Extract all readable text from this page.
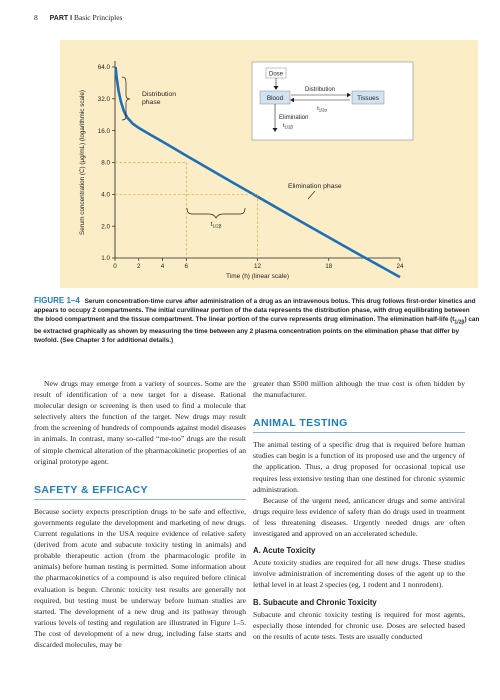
8 PART I Basic Principles
1.0
2.0
4.0
8.0
16.0
32.0
64.0
0	2	4	6	12	18	24
Serum concentration (C) (μg/mL) (logarithmic scale)
Time (h) (linear scale)
Distribution
phase
Elimination phase
$t_{1/2\beta}$
Dose
Blood	Tissues
Distribution
$t_{1/2\alpha}$
Elimination
$t_{1/2\beta}$
FIGURE 1–4 Serum concentration-time curve after administration of a drug as an intravenous bolus. This drug follows first-order kinetics and appears to occupy 2 compartments. The initial curvilinear portion of the data represents the distribution phase, with drug equilibrating between the blood compartment and the tissue compartment. The linear portion of the curve represents drug elimination. The elimination half-life $(t_{1/2\beta})$ can be extracted graphically as shown by measuring the time between any 2 plasma concentration points on the elimination phase that differ by twofold. (See Chapter 3 for additional details.)

New drugs may emerge from a variety of sources. Some are the result of identification of a new target for a disease. Rational molecular design or screening is then used to find a molecule that selectively alters the function of the target. New drugs may result from the screening of hundreds of compounds against model diseases in animals. In contrast, many so-called “me-too” drugs are the result of simple chemical alteration of the pharmacokinetic properties of an original prototype agent.

SAFETY & EFFICACY

Because society expects prescription drugs to be safe and effective, governments regulate the development and marketing of new drugs. Current regulations in the USA require evidence of relative safety (derived from acute and subacute toxicity testing in animals) and probable therapeutic action (from the pharmacologic profile in animals) before human testing is permitted. Some information about the pharmacokinetics of a compound is also required before clinical evaluation is begun. Chronic toxicity test results are generally not required, but testing must be underway before human studies are started. The development of a new drug and its pathway through various levels of testing and regulation are illustrated in Figure 1–5. The cost of development of a new drug, including false starts and discarded molecules, may be

greater than $500 million although the true cost is often hidden by the manufacturer.

ANIMAL TESTING

The animal testing of a specific drug that is required before human studies can begin is a function of its proposed use and the urgency of the application. Thus, a drug proposed for occasional topical use requires less extensive testing than one destined for chronic systemic administration.

Because of the urgent need, anticancer drugs and some antiviral drugs require less evidence of safety than do drugs used in treatment of less threatening diseases. Urgently needed drugs are often investigated and approved on an accelerated schedule.

A. Acute Toxicity

Acute toxicity studies are required for all new drugs. These studies involve administration of incrementing doses of the agent up to the lethal level in at least 2 species (eg, 1 rodent and 1 nonrodent).

B. Subacute and Chronic Toxicity

Subacute and chronic toxicity testing is required for most agents, especially those intended for chronic use. Doses are selected based on the results of acute tests. Tests are usually conducted
